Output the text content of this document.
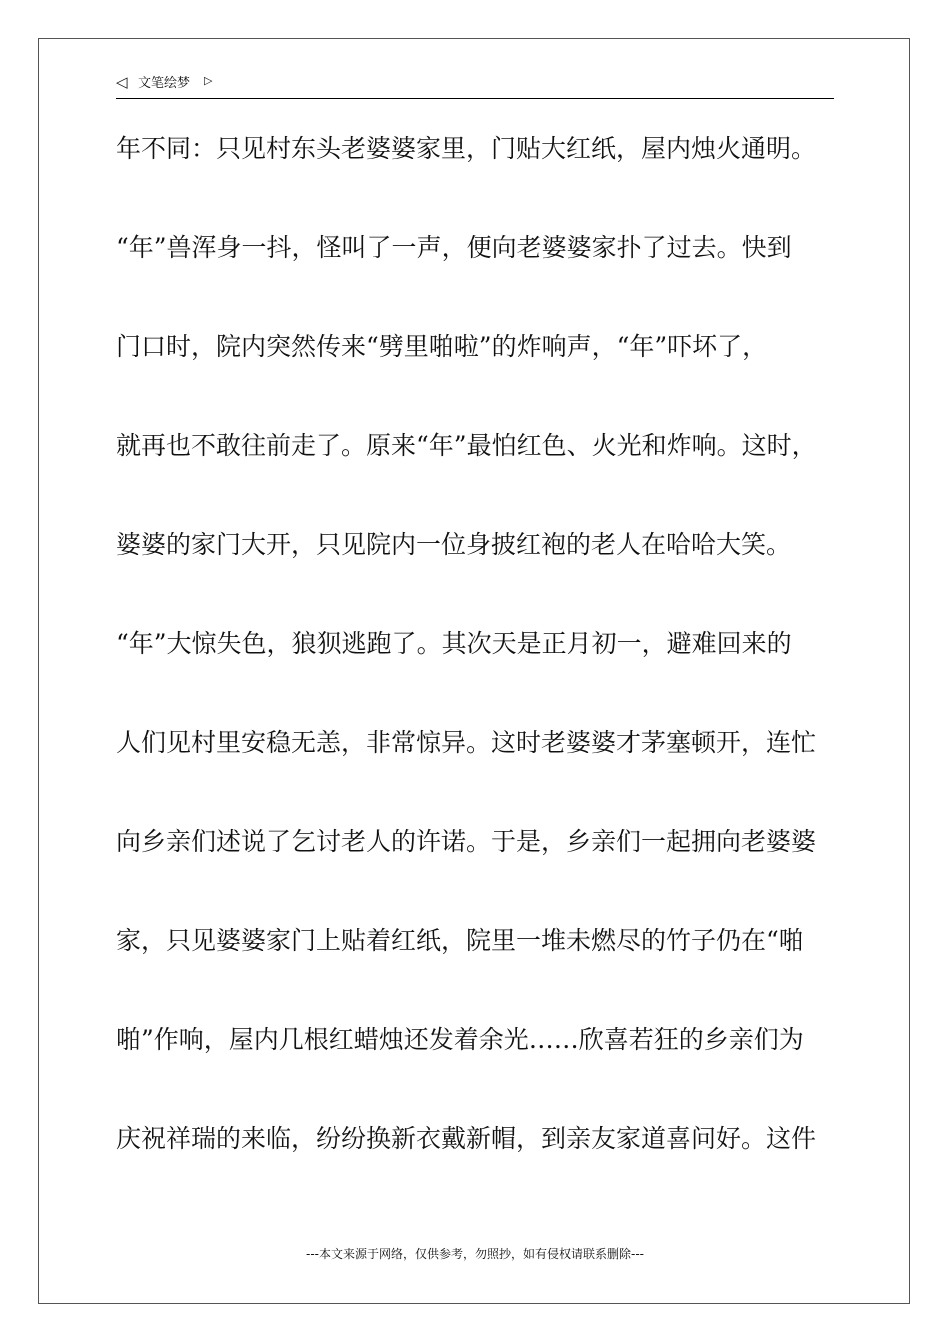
◁ 文笔绘梦 ▷
年不同：只见村东头老婆婆家里，门贴大红纸，屋内烛火通明。
“年”兽浑身一抖，怪叫了一声，便向老婆婆家扑了过去。快到
门口时，院内突然传来“劈里啪啦”的炸响声，“年”吓坏了，
就再也不敢往前走了。原来“年”最怕红色、火光和炸响。这时，
婆婆的家门大开，只见院内一位身披红袍的老人在哈哈大笑。
“年”大惊失色，狼狈逃跑了。其次天是正月初一，避难回来的
人们见村里安稳无恙，非常惊异。这时老婆婆才茅塞顿开，连忙
向乡亲们述说了乞讨老人的许诺。于是，乡亲们一起拥向老婆婆
家，只见婆婆家门上贴着红纸，院里一堆未燃尽的竹子仍在“啪
啪”作响，屋内几根红蜡烛还发着余光……欣喜若狂的乡亲们为
庆祝祥瑞的来临，纷纷换新衣戴新帽，到亲友家道喜问好。这件
---本文来源于网络，仅供参考，勿照抄，如有侵权请联系删除---
